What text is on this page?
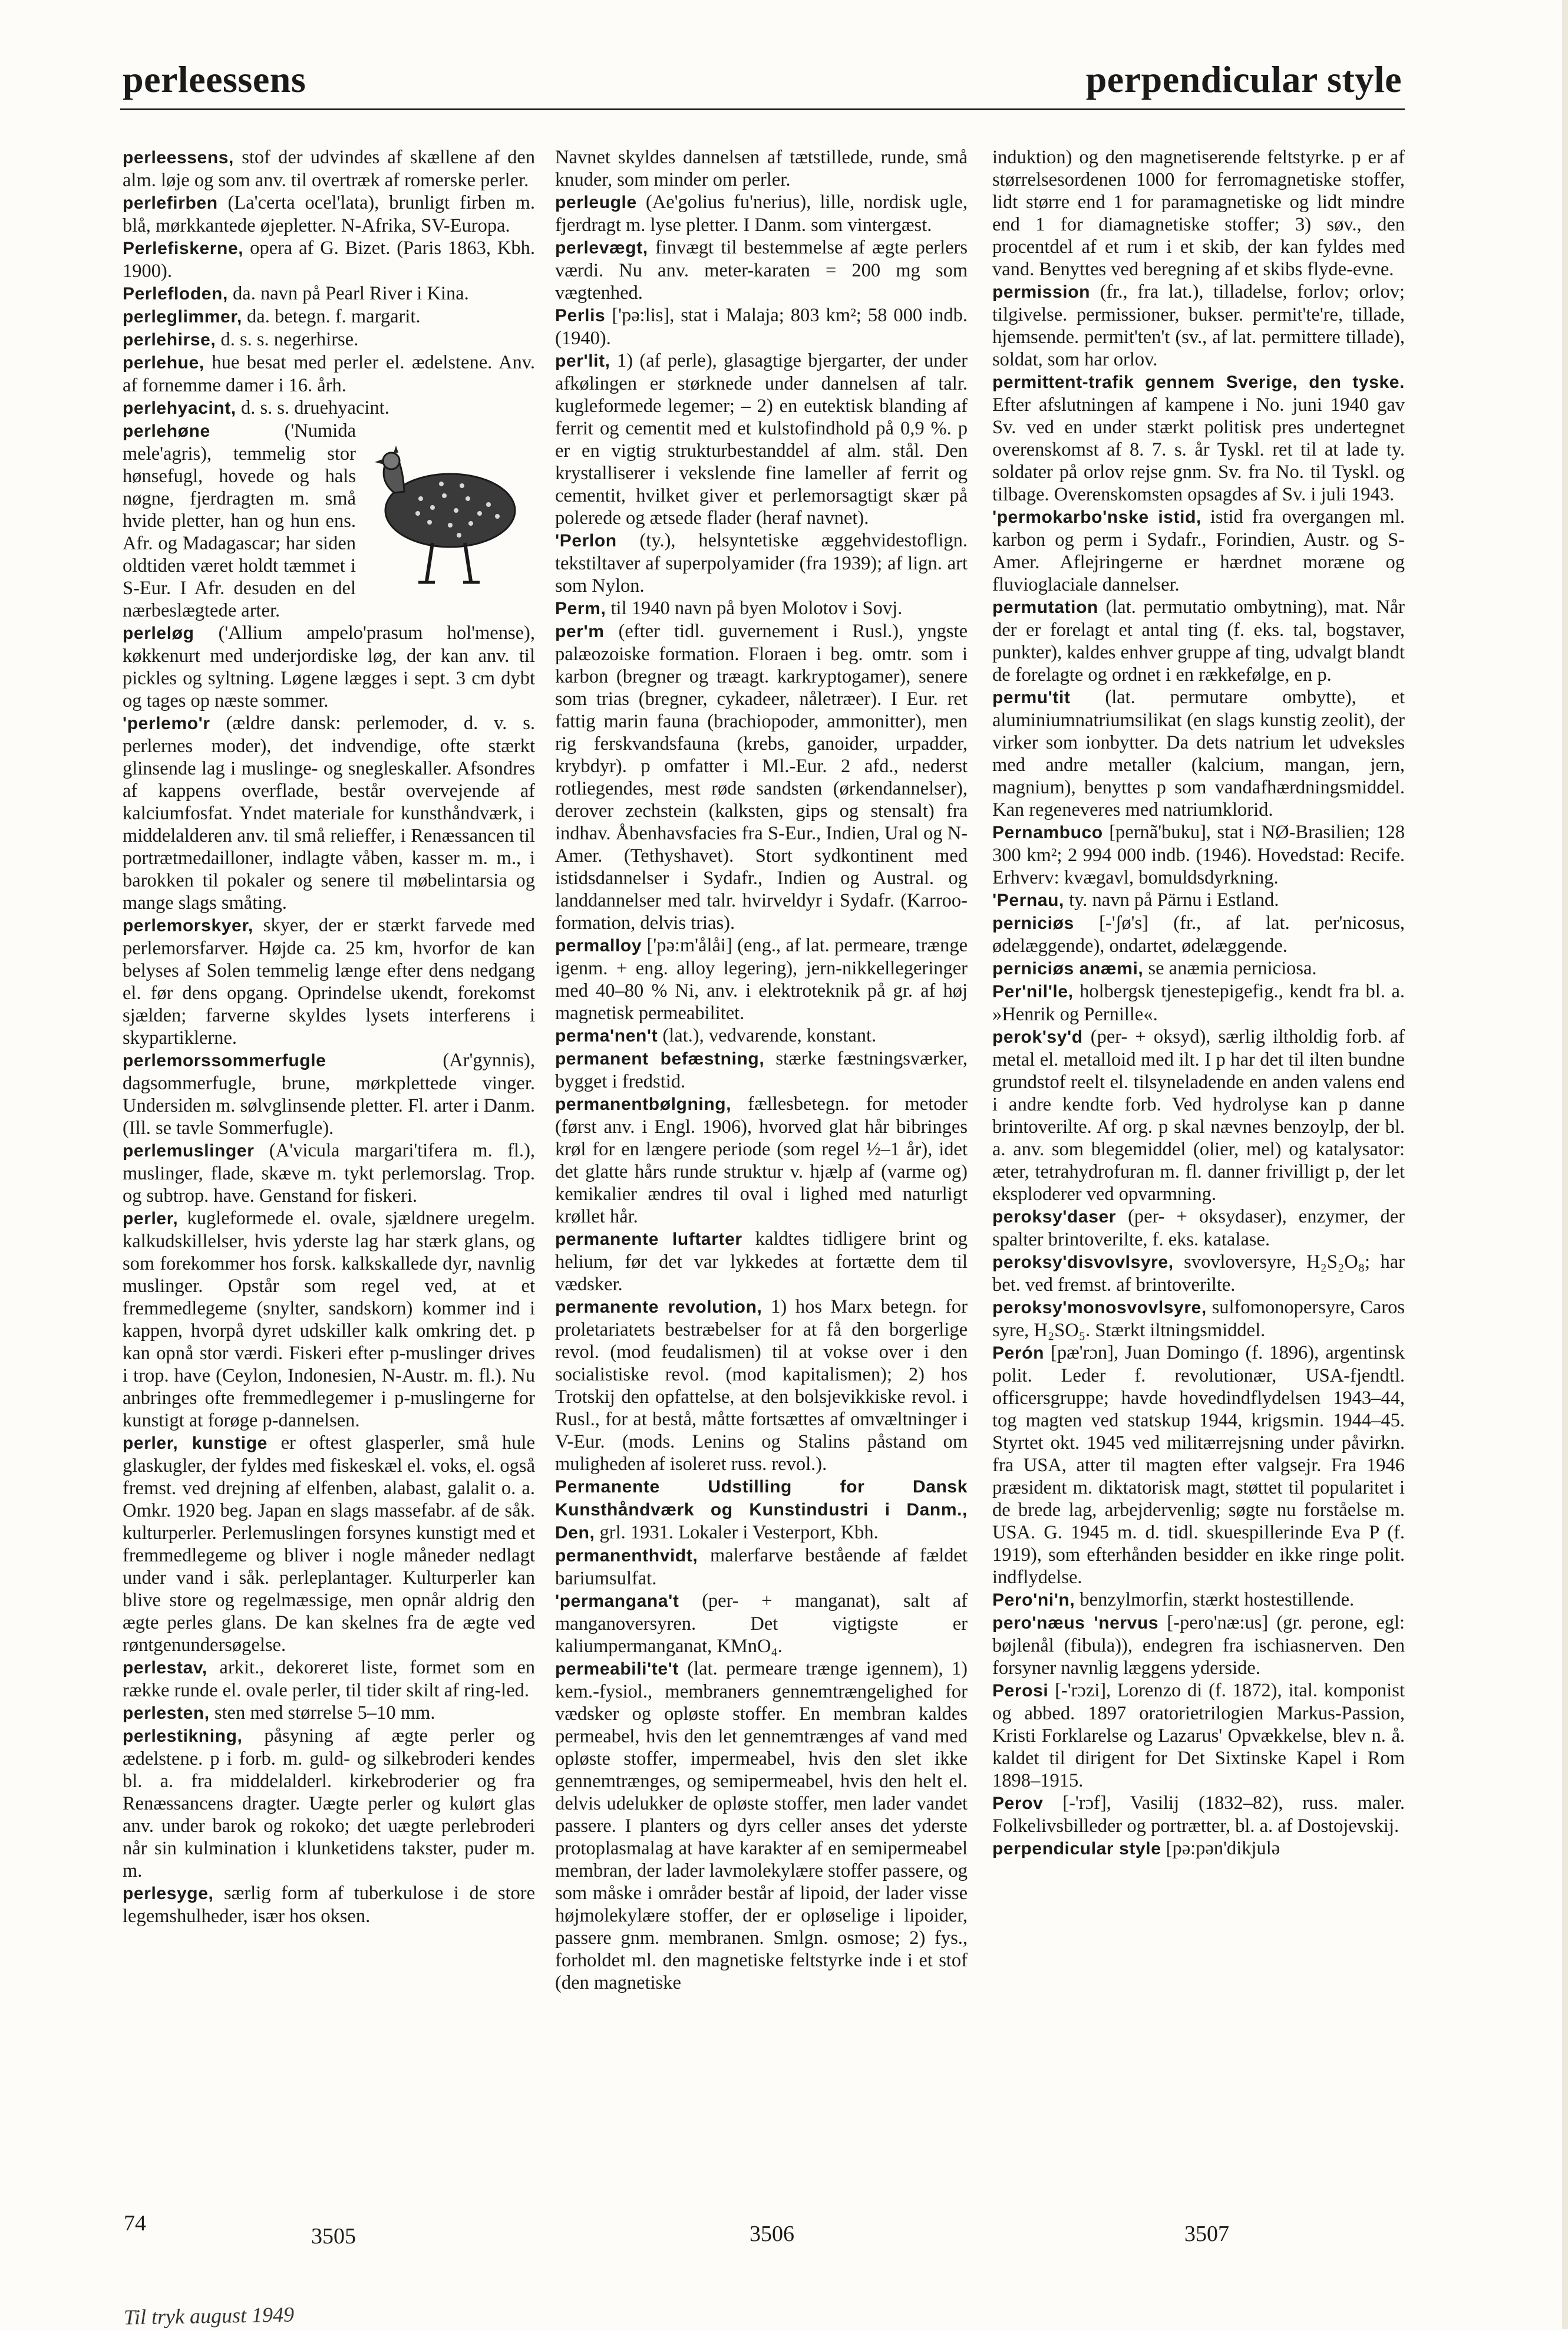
perleessens	perpendicular style

perleessens, stof der udvindes af skællene af den alm. løje og som anv. til overtræk af romerske perler.

perlefirben (La'certa ocel'lata), brunligt firben m. blå, mørkkantede øjepletter. N-Afrika, SV-Europa.

Perlefiskerne, opera af G. Bizet. (Paris 1863, Kbh. 1900).

Perlefloden, da. navn på Pearl River i Kina.

perleglimmer, da. betegn. f. margarit.

perlehirse, d. s. s. negerhirse.

perlehue, hue besat med perler el. ædelstene. Anv. af fornemme damer i 16. årh.

perlehyacint, d. s. s. druehyacint.

perlehøne	('Numida mele'agris), temmelig stor hønsefugl, hovede og hals nøgne, fjerdragten m. små hvide pletter, han og hun ens. Afr. og Madagascar; har siden oldtiden været holdt tæmmet i S-Eur. I Afr. desuden en del nærbeslægtede arter.

perleløg ('Allium ampelo'prasum hol'mense), køkkenurt med underjordiske løg, der kan anv. til pickles og syltning. Løgene lægges i sept. 3 cm dybt og tages op næste sommer.

'perlemo'r (ældre dansk: perlemoder, d. v. s. perlernes moder), det indvendige, ofte stærkt glinsende lag i muslinge- og snegleskaller. Afsondres af kappens overflade, består overvejende af kalciumfosfat. Yndet materiale for kunsthåndværk, i middelalderen anv. til små relieffer, i Renæssancen til portrætmedailloner, indlagte våben, kasser m. m., i barokken til pokaler og senere til møbelintarsia og mange slags småting.

perlemorskyer, skyer, der er stærkt farvede med perlemorsfarver. Højde ca. 25 km, hvorfor de kan belyses af Solen temmelig længe efter dens nedgang el. før dens opgang. Oprindelse ukendt, forekomst sjælden; farverne skyldes lysets interferens i skypartiklerne.

perlemorssommerfugle	(Ar'gynnis), dagsommerfugle, brune, mørkplettede vinger. Undersiden m. sølvglinsende pletter. Fl. arter i Danm. (Ill. se tavle Sommerfugle).

perlemuslinger (A'vicula margari'tifera m. fl.), muslinger, flade, skæve m. tykt perlemorslag. Trop. og subtrop. have. Genstand for fiskeri.

perler, kugleformede el. ovale, sjældnere uregelm. kalkudskillelser, hvis yderste lag har stærk glans, og som forekommer hos forsk. kalkskallede dyr, navnlig muslinger. Opstår som regel ved, at et fremmedlegeme (snylter, sandskorn) kommer ind i kappen, hvorpå dyret udskiller kalk omkring det. p kan opnå stor værdi. Fiskeri efter p-muslinger drives i trop. have (Ceylon, Indonesien, N-Austr. m. fl.). Nu anbringes ofte fremmedlegemer i p-muslingerne for kunstigt at forøge p-dannelsen.

perler, kunstige er oftest glasperler, små hule glaskugler, der fyldes med fiskeskæl el. voks, el. også fremst. ved drejning af elfenben, alabast, galalit o. a. Omkr. 1920 beg. Japan en slags massefabr. af de såk. kulturperler. Perlemuslingen forsynes kunstigt med et fremmedlegeme og bliver i nogle måneder nedlagt under vand i såk. perleplantager. Kulturperler kan blive store og regelmæssige, men opnår aldrig den ægte perles glans. De kan skelnes fra de ægte ved røntgenundersøgelse.

perlestav, arkit., dekoreret liste, formet som en række runde el. ovale perler, til tider skilt af ring-led.

perlesten, sten med størrelse 5–10 mm.

perlestikning, påsyning af ægte perler og ædelstene. p i forb. m. guld- og silkebroderi kendes bl. a. fra middelalderl. kirkebroderier og fra Renæssancens dragter. Uægte perler og kulørt glas anv. under barok og rokoko; det uægte perlebroderi når sin kulmination i klunketidens takster, puder m. m.

perlesyge, særlig form af tuberkulose i de store legemshulheder, især hos oksen.

Navnet skyldes dannelsen af tætstillede, runde, små knuder, som minder om perler.

perleugle (Ae'golius fu'nerius), lille, nordisk ugle, fjerdragt m. lyse pletter. I Danm. som vintergæst.

perlevægt, finvægt til bestemmelse af ægte perlers værdi. Nu anv. meter-karaten = 200 mg som vægtenhed.

Perlis ['pə:lis], stat i Malaja; 803 km²; 58 000 indb. (1940).

per'lit, 1) (af perle), glasagtige bjergarter, der under afkølingen er størknede under dannelsen af talr. kugleformede legemer; – 2) en eutektisk blanding af ferrit og cementit med et kulstofindhold på 0,9 %. p er en vigtig strukturbestanddel af alm. stål. Den krystalliserer i vekslende fine lameller af ferrit og cementit, hvilket giver et perlemorsagtigt skær på polerede og ætsede flader (heraf navnet).

'Perlon (ty.), helsyntetiske æggehvidestoflign. tekstiltaver af superpolyamider (fra 1939); af lign. art som Nylon.

Perm, til 1940 navn på byen Molotov i Sovj.

per'm (efter tidl. guvernement i Rusl.), yngste palæozoiske formation. Floraen i beg. omtr. som i karbon (bregner og træagt. karkryptogamer), senere som trias (bregner, cykadeer, nåletræer). I Eur. ret fattig marin fauna (brachiopoder, ammonitter), men rig ferskvandsfauna (krebs, ganoider, urpadder, krybdyr). p omfatter i Ml.-Eur. 2 afd., nederst rotliegendes, mest røde sandsten (ørkendannelser), derover zechstein (kalksten, gips og stensalt) fra indhav. Åbenhavsfacies fra S-Eur., Indien, Ural og N-Amer. (Tethyshavet). Stort sydkontinent med istidsdannelser i Sydafr., Indien og Austral. og landdannelser med talr. hvirveldyr i Sydafr. (Karroo-formation, delvis trias).

permalloy ['pə:m'ålåi] (eng., af lat. permeare, trænge igenm. + eng. alloy legering), jern-nikkellegeringer med 40–80 % Ni, anv. i elektroteknik på gr. af høj magnetisk permeabilitet.

perma'nen't (lat.), vedvarende, konstant.

permanent befæstning, stærke fæstningsværker, bygget i fredstid.

permanentbølgning, fællesbetegn. for metoder (først anv. i Engl. 1906), hvorved glat hår bibringes krøl for en længere periode (som regel ½–1 år), idet det glatte hårs runde struktur v. hjælp af (varme og) kemikalier ændres til oval i lighed med naturligt krøllet hår.

permanente luftarter kaldtes tidligere brint og helium, før det var lykkedes at fortætte dem til vædsker.

permanente revolution, 1) hos Marx betegn. for proletariatets bestræbelser for at få den borgerlige revol. (mod feudalismen) til at vokse over i den socialistiske revol. (mod kapitalismen); 2) hos Trotskij den opfattelse, at den bolsjevikkiske revol. i Rusl., for at bestå, måtte fortsættes af omvæltninger i V-Eur. (mods. Lenins og Stalins påstand om muligheden af isoleret russ. revol.).

Permanente Udstilling for Dansk Kunsthåndværk og Kunstindustri i Danm., Den, grl. 1931. Lokaler i Vesterport, Kbh.

permanenthvidt, malerfarve bestående af fældet bariumsulfat.

'permangana't (per- + manganat), salt af manganoversyren. Det vigtigste er kaliumpermanganat, KMnO₄.

permeabili'te't (lat. permeare trænge igennem), 1) kem.-fysiol., membraners gennemtrængelighed for vædsker og opløste stoffer. En membran kaldes permeabel, hvis den let gennemtrænges af vand med opløste stoffer, impermeabel, hvis den slet ikke gennemtrænges, og semipermeabel, hvis den helt el. delvis udelukker de opløste stoffer, men lader vandet passere. I planters og dyrs celler anses det yderste protoplasmalag at have karakter af en semipermeabel membran, der lader lavmolekylære stoffer passere, og som måske i områder består af lipoid, der lader visse højmolekylære stoffer, der er opløselige i lipoider, passere gnm. membranen. Smlgn. osmose; 2) fys., forholdet ml. den magnetiske feltstyrke inde i et stof (den magnetiske

induktion) og den magnetiserende feltstyrke. p er af størrelsesordenen 1000 for ferromagnetiske stoffer, lidt større end 1 for paramagnetiske og lidt mindre end 1 for diamagnetiske stoffer; 3) søv., den procentdel af et rum i et skib, der kan fyldes med vand. Benyttes ved beregning af et skibs flyde-evne.

permission (fr., fra lat.), tilladelse, forlov; orlov; tilgivelse. permissioner, bukser. permit'te're, tillade, hjemsende. permit'ten't (sv., af lat. permittere tillade), soldat, som har orlov.

permittent-trafik gennem Sverige, den tyske. Efter afslutningen af kampene i No. juni 1940 gav Sv. ved en under stærkt politisk pres undertegnet overenskomst af 8. 7. s. år Tyskl. ret til at lade ty. soldater på orlov rejse gnm. Sv. fra No. til Tyskl. og tilbage. Overenskomsten opsagdes af Sv. i juli 1943.

'permokarbo'nske istid, istid fra overgangen ml. karbon og perm i Sydafr., Forindien, Austr. og S-Amer. Aflejringerne er hærdnet moræne og fluvioglaciale dannelser.

permutation (lat. permutatio ombytning), mat. Når der er forelagt et antal ting (f. eks. tal, bogstaver, punkter), kaldes enhver gruppe af ting, udvalgt blandt de forelagte og ordnet i en rækkefølge, en p.

permu'tit (lat. permutare ombytte), et aluminiumnatriumsilikat (en slags kunstig zeolit), der virker som ionbytter. Da dets natrium let udveksles med andre metaller (kalcium, mangan, jern, magnium), benyttes p som vandafhærdningsmiddel. Kan regeneveres med natriumklorid.

Pernambuco [pernã'buku], stat i NØ-Brasilien; 128 300 km²; 2 994 000 indb. (1946). Hovedstad: Recife. Erhverv: kvægavl, bomuldsdyrkning.

'Pernau, ty. navn på Pärnu i Estland.

perniciøs [-'ʃø's] (fr., af lat. per'nicosus, ødelæggende), ondartet, ødelæggende.

perniciøs anæmi, se anæmia perniciosa.

Per'nil'le, holbergsk tjenestepigefig., kendt fra bl. a. »Henrik og Pernille«.

perok'sy'd (per- + oksyd), særlig iltholdig forb. af metal el. metalloid med ilt. I p har det til ilten bundne grundstof reelt el. tilsyneladende en anden valens end i andre kendte forb. Ved hydrolyse kan p danne brintoverilte. Af org. p skal nævnes benzoylp, der bl. a. anv. som blegemiddel (olier, mel) og katalysator: æter, tetrahydrofuran m. fl. danner frivilligt p, der let eksploderer ved opvarmning.

peroksy'daser (per- + oksydaser), enzymer, der spalter brintoverilte, f. eks. katalase.

peroksy'disvovlsyre, svovloversyre, H₂S₂O₈; har bet. ved fremst. af brintoverilte.

peroksy'monosvovlsyre, sulfomonopersyre, Caros syre, H₂SO₅. Stærkt iltningsmiddel.

Perón [pæ'rɔn], Juan Domingo (f. 1896), argentinsk polit. Leder f. revolutionær, USA-fjendtl. officersgruppe; havde hovedindflydelsen 1943–44, tog magten ved statskup 1944, krigsmin. 1944–45. Styrtet okt. 1945 ved militærrejsning under påvirkn. fra USA, atter til magten efter valgsejr. Fra 1946 præsident m. diktatorisk magt, støttet til popularitet i de brede lag, arbejdervenlig; søgte nu forståelse m. USA. G. 1945 m. d. tidl. skuespillerinde Eva P (f. 1919), som efterhånden besidder en ikke ringe polit. indflydelse.

Pero'ni'n, benzylmorfin, stærkt hostestillende.

pero'næus 'nervus [-pero'næ:us] (gr. perone, egl: bøjlenål (fibula)), endegren fra ischiasnerven. Den forsyner navnlig læggens yderside.

Perosi [-'rɔzi], Lorenzo di (f. 1872), ital. komponist og abbed. 1897 oratorietrilogien Markus-Passion, Kristi Forklarelse og Lazarus' Opvækkelse, blev n. å. kaldet til dirigent for Det Sixtinske Kapel i Rom 1898–1915.

Perov [-'rɔf], Vasilij (1832–82), russ. maler. Folkelivsbilleder og portrætter, bl. a. af Dostojevskij.

perpendicular style [pə:pən'dikjulə

74
3505	3506	3507
Til tryk august 1949
